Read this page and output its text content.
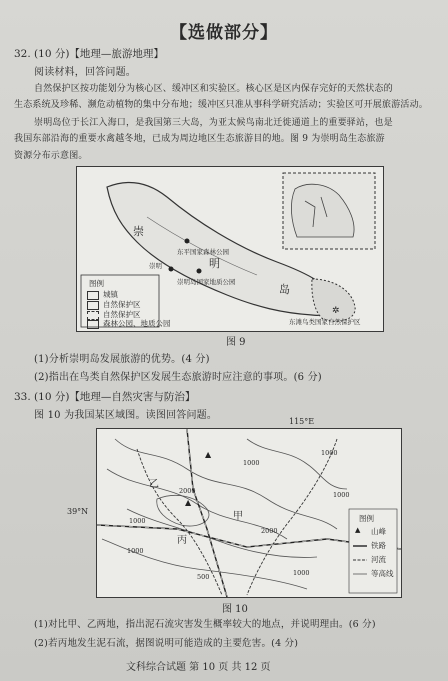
【选做部分】
32. (10 分)【地理—旅游地理】
阅读材料，回答问题。
自然保护区按功能划分为核心区、缓冲区和实验区。核心区是区内保存完好的天然状态的
生态系统及珍稀、濒危动植物的集中分布地；缓冲区只准从事科学研究活动；实验区可开展旅游活动。
崇明岛位于长江入海口，是我国第三大岛，为亚太候鸟南北迁徙通道上的重要驿站，也是
我国东部沿海的重要水禽越冬地，已成为周边地区生态旅游目的地。图 9 为崇明岛生态旅游
资源分布示意图。
✲
崇
明
岛
东平国家森林公园
崇明
崇明岛国家地质公园
东滩鸟类国家自然保护区
图例
城镇
自然保护区
自然保护区
森林公园、地质公园
图 9
(1)分析崇明岛发展旅游的优势。(4 分)
(2)指出在鸟类自然保护区发展生态旅游时应注意的事项。(6 分)
33. (10 分)【地理—自然灾害与防治】
图 10 为我国某区域图。读图回答问题。
▲
▲
▲
115°E
39°N
乙
甲
丙
1000
2000
1000
2000
1000
500	1000
1000
1000
图例
山峰
铁路
河流
等高线
图 10
(1)对比甲、乙两地，指出泥石流灾害发生概率较大的地点，并说明理由。(6 分)
(2)若丙地发生泥石流，据图说明可能造成的主要危害。(4 分)
文科综合试题 第 10 页 共 12 页
